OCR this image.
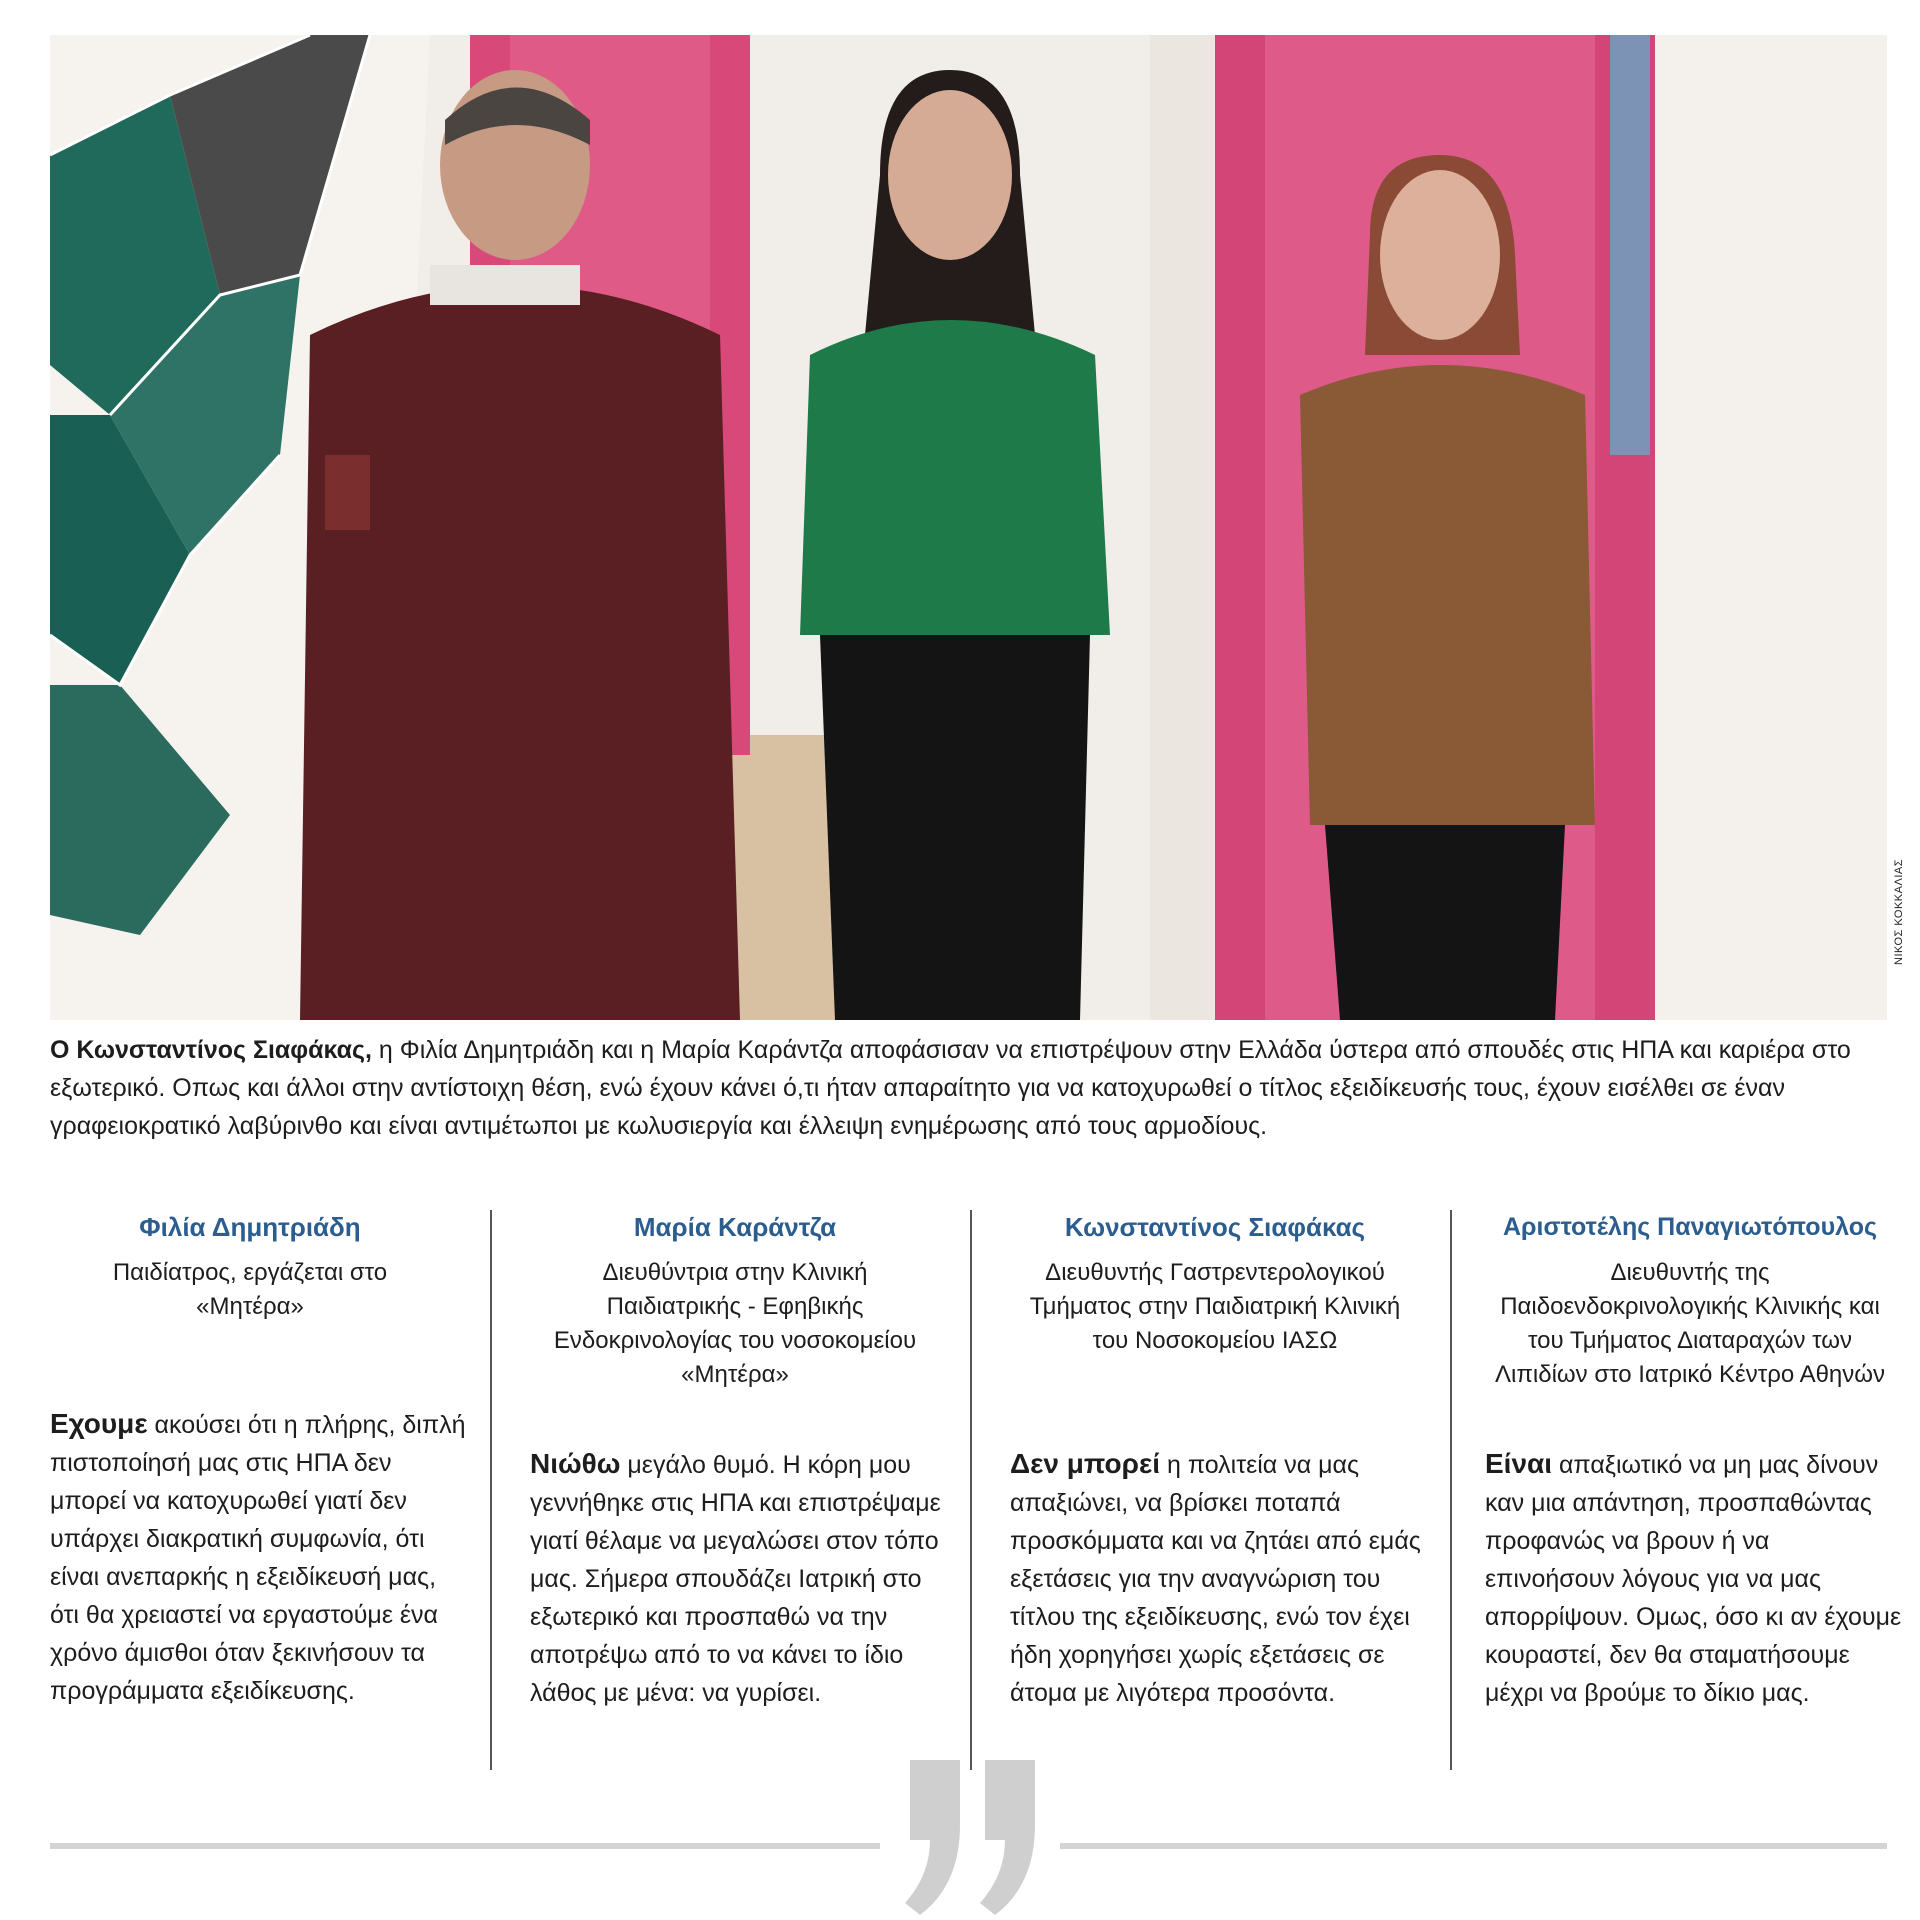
ΝΙΚΟΣ ΚΟΚΚΑΛΙΑΣ
Ο Κωνσταντίνος Σιαφάκας, η Φιλία Δημητριάδη και η Μαρία Καράντζα αποφάσισαν να επιστρέψουν στην Ελλάδα ύστερα από σπουδές στις ΗΠΑ και καριέρα στο εξωτερικό. Οπως και άλλοι στην αντίστοιχη θέση, ενώ έχουν κάνει ό,τι ήταν απαραίτητο για να κατοχυρωθεί ο τίτλος εξειδίκευσής τους, έχουν εισέλθει σε έναν γραφειοκρατικό λαβύρινθο και είναι αντιμέτωποι με κωλυσιεργία και έλλειψη ενημέρωσης από τους αρμοδίους.
Φιλία Δημητριάδη
Παιδίατρος, εργάζεται στο «Μητέρα»
Εχουμε ακούσει ότι η πλήρης, διπλή πιστοποίησή μας στις ΗΠΑ δεν μπορεί να κατοχυρωθεί γιατί δεν υπάρχει διακρατική συμφωνία, ότι είναι ανεπαρκής η εξειδίκευσή μας, ότι θα χρειαστεί να εργαστούμε ένα χρόνο άμισθοι όταν ξεκινήσουν τα προγράμματα εξειδίκευσης.
Μαρία Καράντζα
Διευθύντρια στην Κλινική Παιδιατρικής - Εφηβικής Ενδοκρινολογίας του νοσοκομείου «Μητέρα»
Νιώθω μεγάλο θυμό. Η κόρη μου γεννήθηκε στις ΗΠΑ και επιστρέψαμε γιατί θέλαμε να μεγαλώσει στον τόπο μας. Σήμερα σπουδάζει Ιατρική στο εξωτερικό και προσπαθώ να την αποτρέψω από το να κάνει το ίδιο λάθος με μένα: να γυρίσει.
Κωνσταντίνος Σιαφάκας
Διευθυντής Γαστρεντερολογικού Τμήματος στην Παιδιατρική Κλινική του Νοσοκομείου ΙΑΣΩ
Δεν μπορεί η πολιτεία να μας απαξιώνει, να βρίσκει ποταπά προσκόμματα και να ζητάει από εμάς εξετάσεις για την αναγνώριση του τίτλου της εξειδίκευσης, ενώ τον έχει ήδη χορηγήσει χωρίς εξετάσεις σε άτομα με λιγότερα προσόντα.
Αριστοτέλης Παναγιωτόπουλος
Διευθυντής της Παιδοενδοκρινολογικής Κλινικής και του Τμήματος Διαταραχών των Λιπιδίων στο Ιατρικό Κέντρο Αθηνών
Είναι απαξιωτικό να μη μας δίνουν καν μια απάντηση, προσπαθώντας προφανώς να βρουν ή να επινοήσουν λόγους για να μας απορρίψουν. Ομως, όσο κι αν έχουμε κουραστεί, δεν θα σταματήσουμε μέχρι να βρούμε το δίκιο μας.
